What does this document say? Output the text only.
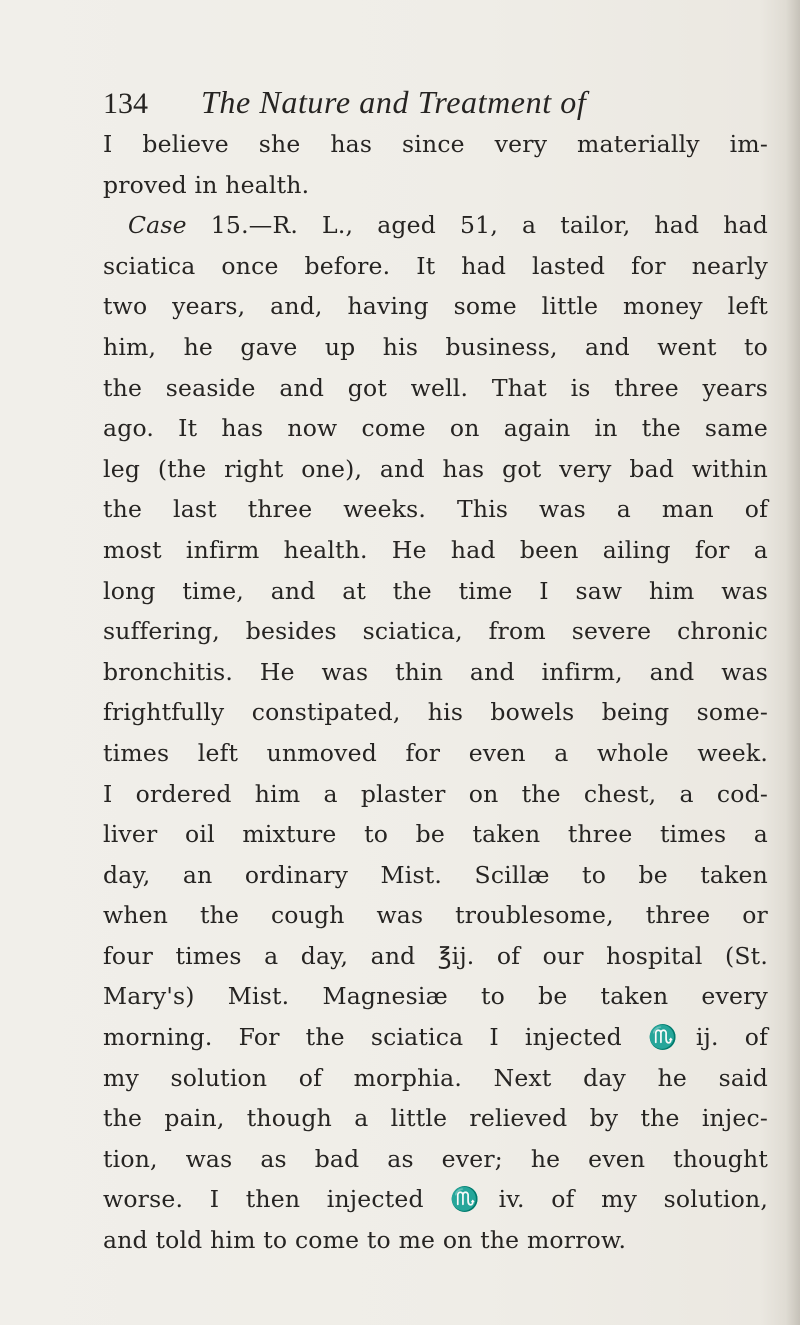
134 The Nature and Treatment of
I believe she has since very materially im-
proved in health.
Case 15.—R. L., aged 51, a tailor, had had
sciatica once before. It had lasted for nearly
two years, and, having some little money left
him, he gave up his business, and went to
the seaside and got well. That is three years
ago. It has now come on again in the same
leg (the right one), and has got very bad within
the last three weeks. This was a man of
most infirm health. He had been ailing for a
long time, and at the time I saw him was
suffering, besides sciatica, from severe chronic
bronchitis. He was thin and infirm, and was
frightfully constipated, his bowels being some-
times left unmoved for even a whole week.
I ordered him a plaster on the chest, a cod-
liver oil mixture to be taken three times a
day, an ordinary Mist. Scillæ to be taken
when the cough was troublesome, three or
four times a day, and ℥ij. of our hospital (St.
Mary's) Mist. Magnesiæ to be taken every
morning. For the sciatica I injected ♏ij. of
my solution of morphia. Next day he said
the pain, though a little relieved by the injec-
tion, was as bad as ever; he even thought
worse. I then injected ♏iv. of my solution,
and told him to come to me on the morrow.
